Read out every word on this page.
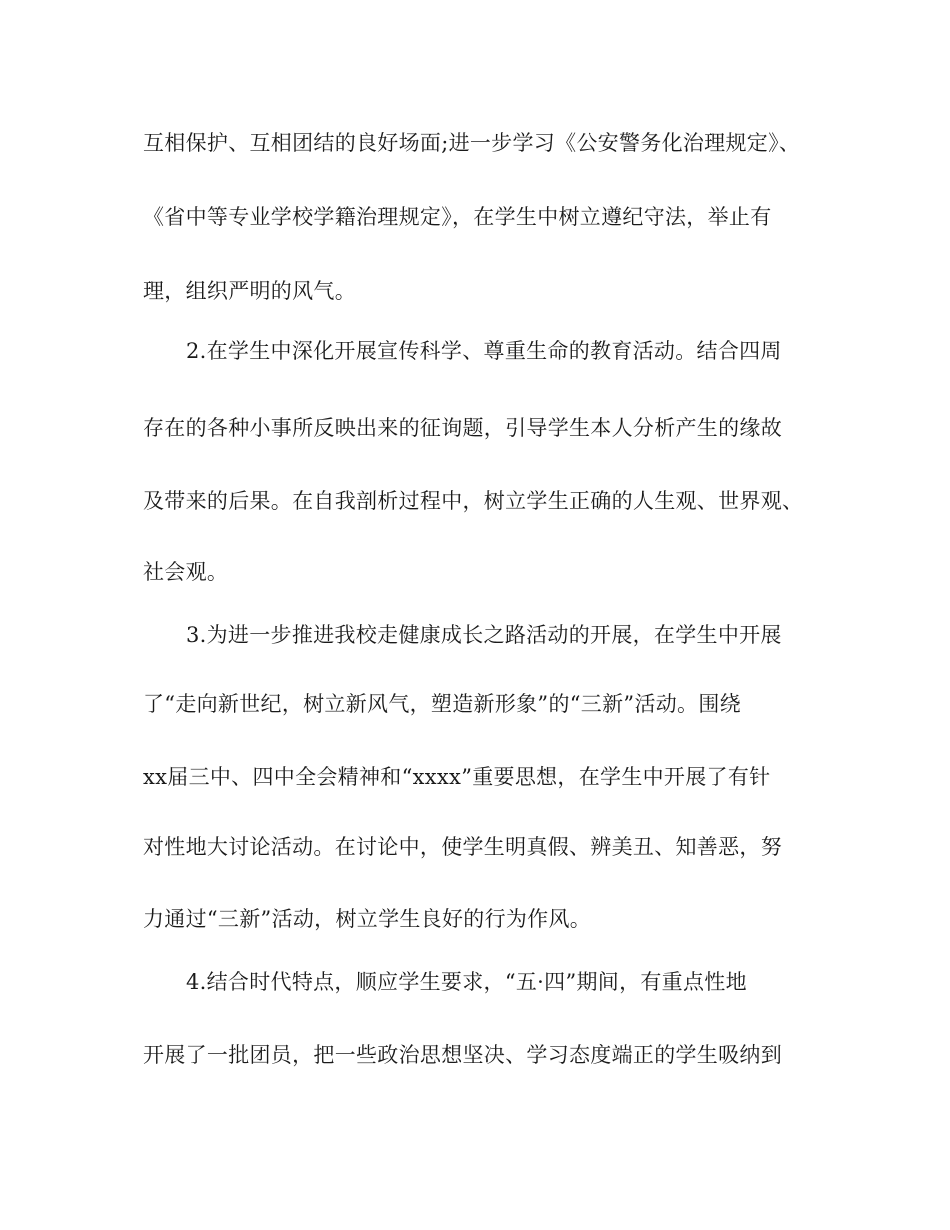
互相保护、互相团结的良好场面;进一步学习《公安警务化治理规定》、
《省中等专业学校学籍治理规定》，在学生中树立遵纪守法，举止有
理，组织严明的风气。
2.在学生中深化开展宣传科学、尊重生命的教育活动。结合四周
存在的各种小事所反映出来的征询题，引导学生本人分析产生的缘故
及带来的后果。在自我剖析过程中，树立学生正确的人生观、世界观、
社会观。
3.为进一步推进我校走健康成长之路活动的开展，在学生中开展
了“走向新世纪，树立新风气，塑造新形象”的“三新”活动。围绕
xx届三中、四中全会精神和“xxxx”重要思想，在学生中开展了有针
对性地大讨论活动。在讨论中，使学生明真假、辨美丑、知善恶，努
力通过“三新”活动，树立学生良好的行为作风。
4.结合时代特点，顺应学生要求，“五·四”期间，有重点性地
开展了一批团员，把一些政治思想坚决、学习态度端正的学生吸纳到
